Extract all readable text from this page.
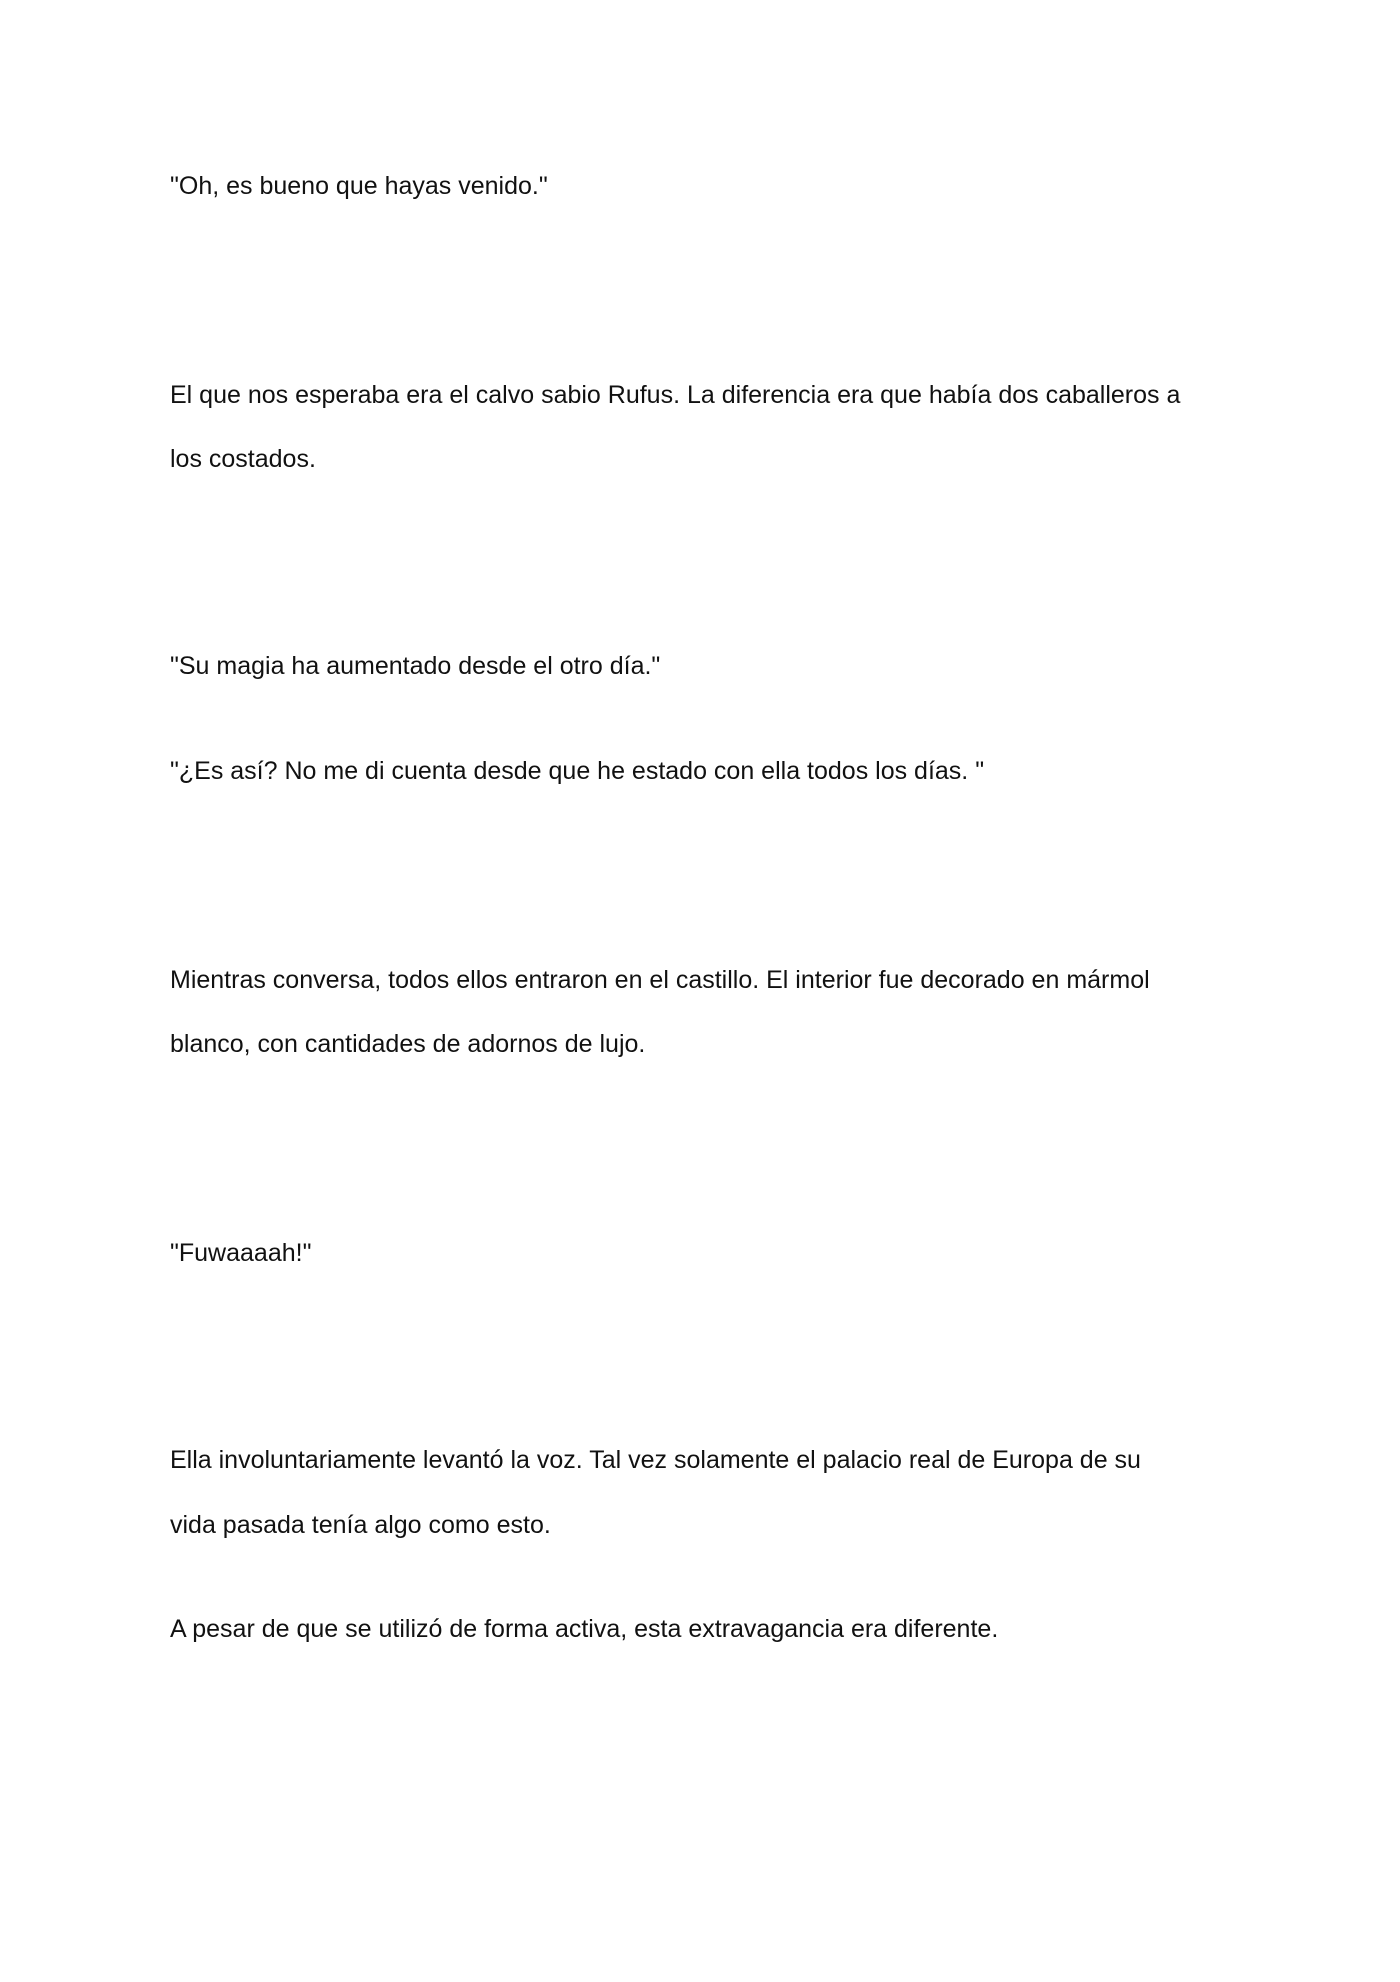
"Oh, es bueno que hayas venido."

El que nos esperaba era el calvo sabio Rufus. La diferencia era que había dos caballeros a

los costados.

"Su magia ha aumentado desde el otro día."

"¿Es así? No me di cuenta desde que he estado con ella todos los días. "

Mientras conversa, todos ellos entraron en el castillo. El interior fue decorado en mármol

blanco, con cantidades de adornos de lujo.

"Fuwaaaah!"

Ella involuntariamente levantó la voz. Tal vez solamente el palacio real de Europa de su

vida pasada tenía algo como esto.

A pesar de que se utilizó de forma activa, esta extravagancia era diferente.
